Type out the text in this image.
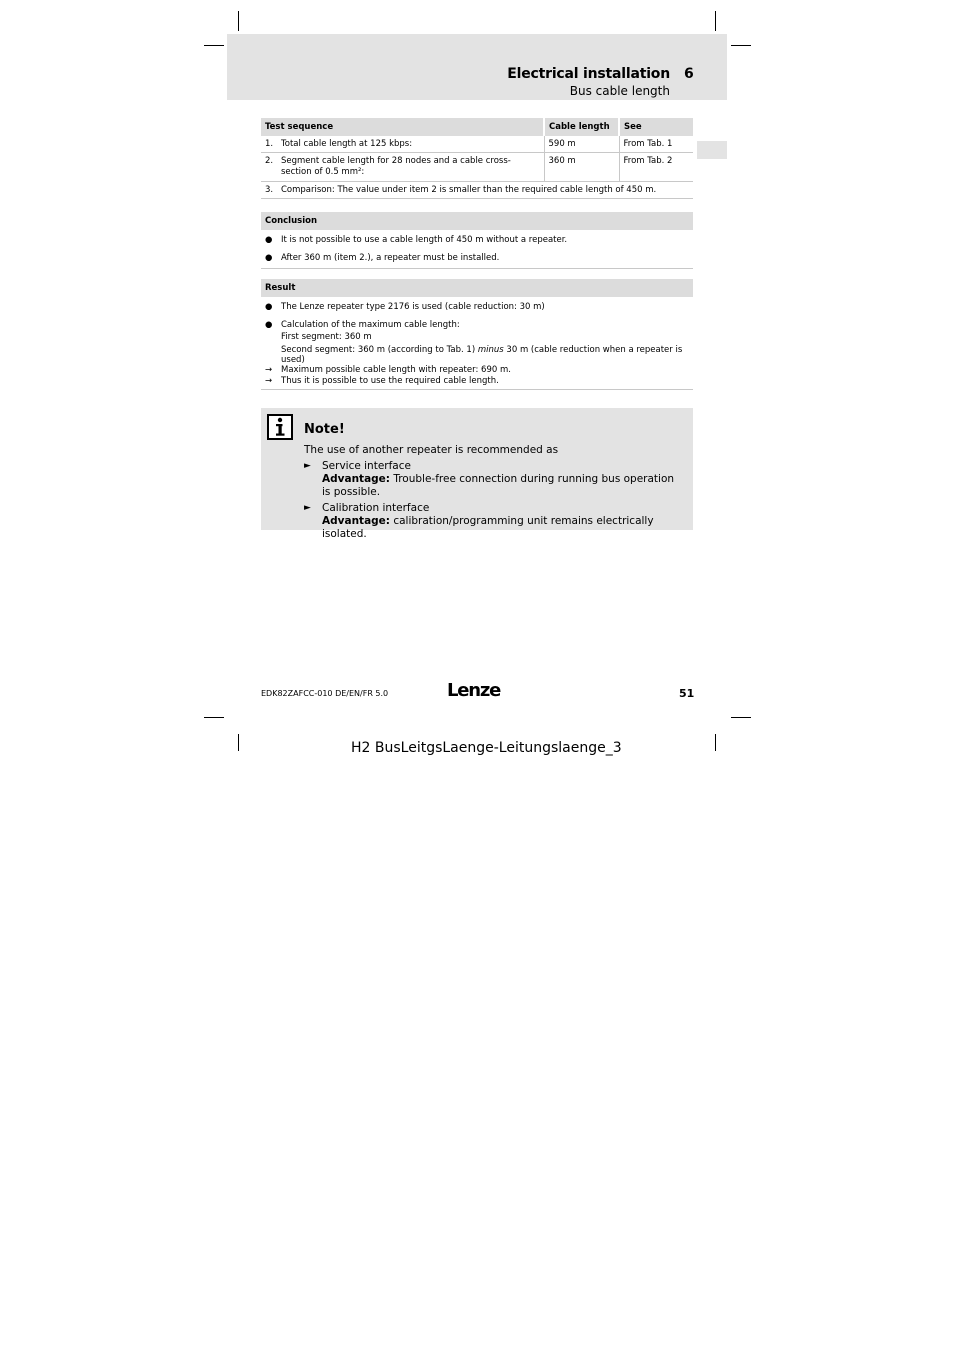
Electrical installation 6
Bus cable length
Test sequence	Cable length	See

1. Total cable length at 125 kbps:	590 m	From Tab. 1

2. Segment cable length for 28 nodes and a cable cross-section of 0.5 mm²:	360 m	From Tab. 2

3. Comparison: The value under item 2 is smaller than the required cable length of 450 m.		
Conclusion
●	It is not possible to use a cable length of 450 m without a repeater.
●	After 360 m (item 2.), a repeater must be installed.
Result
●	The Lenze repeater type 2176 is used (cable reduction: 30 m)
●	Calculation of the maximum cable length:
First segment: 360 m

Second segment: 360 m (according to Tab. 1) minus 30 m (cable reduction when a repeater is used)
→	Maximum possible cable length with repeater: 690 m.
→	Thus it is possible to use the required cable length.
Note!
The use of another repeater is recommended as
►	Service interface
Advantage: Trouble-free connection during running bus operation is possible.
►	Calibration interface
Advantage: calibration/programming unit remains electrically isolated.
EDK82ZAFCC-010 DE/EN/FR 5.0	Lenze	51
H2 BusLeitgsLaenge-Leitungslaenge_3
